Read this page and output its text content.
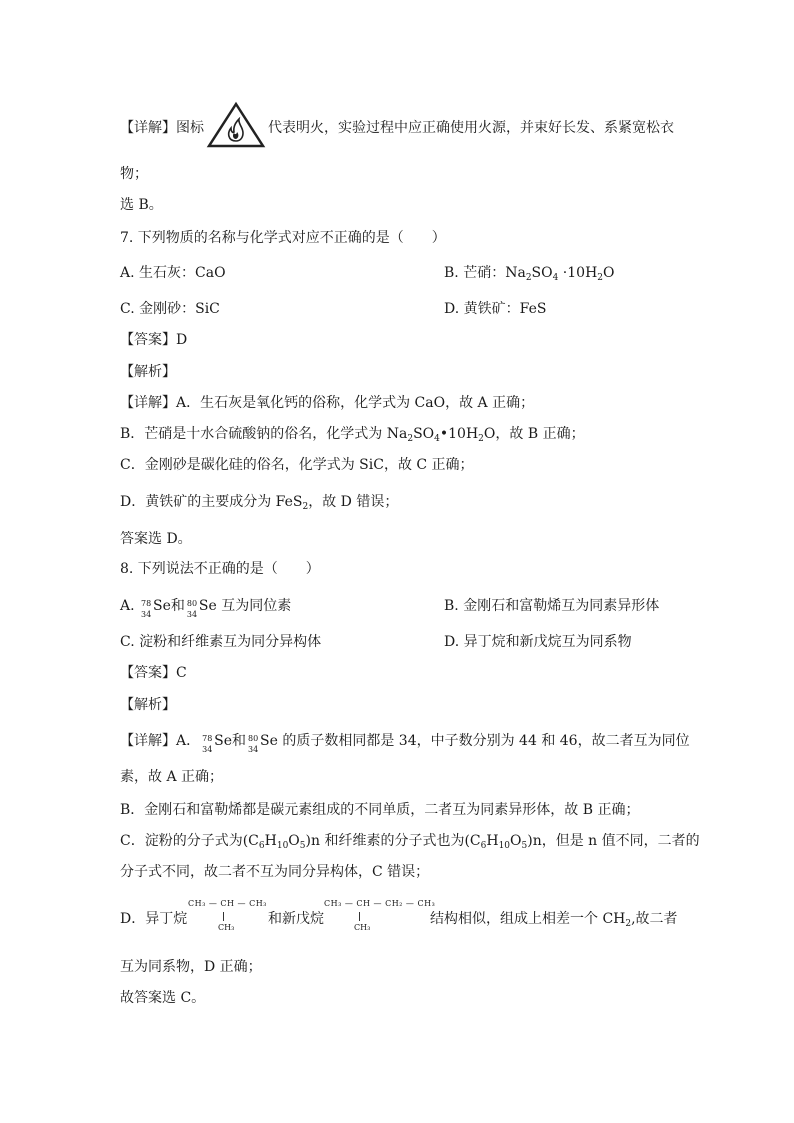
【详解】图标	代表明火，实验过程中应正确使用火源，并束好长发、系紧宽松衣
物；
选 B。
7. 下列物质的名称与化学式对应不正确的是（　　）
A. 生石灰：CaO	B. 芒硝：$Na_2SO_4 \cdot 10H_2O$
C. 金刚砂：SiC	D. 黄铁矿：FeS
【答案】D
【解析】
【详解】A．生石灰是氧化钙的俗称，化学式为 CaO，故 A 正确；
B．芒硝是十水合硫酸钠的俗名，化学式为 $Na_2SO_4•10H_2O$，故 B 正确；
C．金刚砂是碳化硅的俗名，化学式为 SiC，故 C 正确；
D．黄铁矿的主要成分为 FeS$_2$，故 D 错误；
答案选 D。
8. 下列说法不正确的是（　　）
A. 78
34
Se和 80
34
Se 互为同位素	B. 金刚石和富勒烯互为同素异形体
C. 淀粉和纤维素互为同分异构体	D. 异丁烷和新戊烷互为同系物
【答案】C
【解析】
【详解】A． 78
34
Se和 80
34
Se 的质子数相同都是 34，中子数分别为 44 和 46，故二者互为同位
素，故 A 正确；
B．金刚石和富勒烯都是碳元素组成的不同单质，二者互为同素异形体，故 B 正确；
C．淀粉的分子式为$(C_6H_{10}O_5)n$ 和纤维素的分子式也为$(C_6H_{10}O_5)n$，但是 n 值不同，二者的
分子式不同，故二者不互为同分异构体，C 错误；
D．异丁烷
CH₃ — CH — CH₃
CH₃
和新戊烷
CH₃ — CH — CH₂ — CH₃
CH₃
结构相似，组成上相差一个 $CH_2$,故二者
互为同系物，D 正确；
故答案选 C。
